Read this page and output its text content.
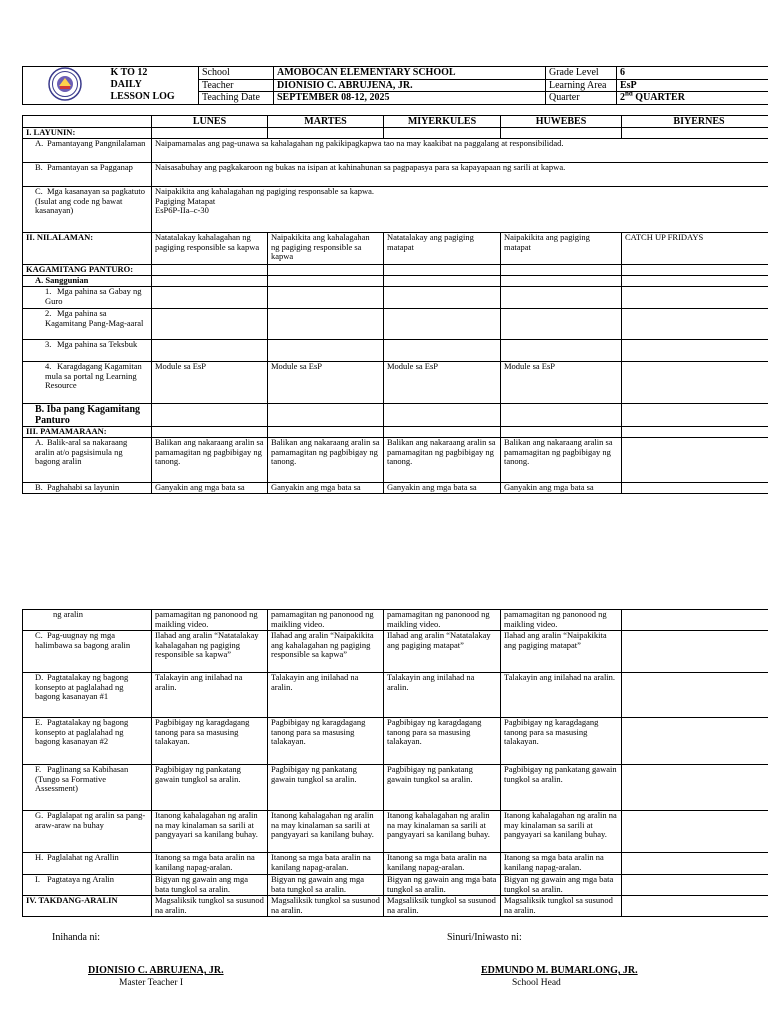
K TO 12
DAILY
LESSON LOG	School	AMOBOCAN ELEMENTARY SCHOOL	Grade Level	6
		Teacher	DIONISIO C. ABRUJENA, JR.	Learning Area	EsP
		Teaching Date	SEPTEMBER 08-12, 2025	Quarter	2nd QUARTER
	LUNES	MARTES	MIYERKULES	HUWEBES	BIYERNES
I. LAYUNIN:					
A. Pamantayang Pangnilalaman	Naipamamalas ang pag-unawa sa kahalagahan ng pakikipagkapwa tao na may kaakibat na paggalang at responsibilidad.				
B. Pamantayan sa Pagganap	Naisasabuhay ang pagkakaroon ng bukas na isipan at kahinahunan sa pagpapasya para sa kapayapaan ng sarili at kapwa.				
C. Mga kasanayan sa pagkatuto (Isulat ang code ng bawat kasanayan)	Naipakikita ang kahalagahan ng pagiging responsable sa kapwa.
Pagiging Matapat
EsP6P-IIa–c-30				

II. NILALAMAN:	Natatalakay kahalagahan ng pagiging responsible sa kapwa	Naipakikita ang kahalagahan ng pagiging responsible sa kapwa	Natatalakay ang pagiging matapat	Naipakikita ang pagiging matapat	CATCH UP FRIDAYS
KAGAMITANG PANTURO:					
A. Sanggunian					
1. Mga pahina sa Gabay ng Guro					
2. Mga pahina sa Kagamitang Pang-Mag-aaral					
3. Mga pahina sa Teksbuk					
4. Karagdagang Kagamitan mula sa portal ng Learning Resource	Module sa EsP	Module sa EsP	Module sa EsP	Module sa EsP	
B. Iba pang Kagamitang Panturo					
III. PAMAMARAAN:					
A. Balik-aral sa nakaraang aralin at/o pagsisimula ng bagong aralin	Balikan ang nakaraang aralin sa pamamagitan ng pagbibigay ng tanong.	Balikan ang nakaraang aralin sa pamamagitan ng pagbibigay ng tanong.	Balikan ang nakaraang aralin sa pamamagitan ng pagbibigay ng tanong.	Balikan ang nakaraang aralin sa pamamagitan ng pagbibigay ng tanong.	
B. Paghahabi sa layunin	Ganyakin ang mga bata sa	Ganyakin ang mga bata sa	Ganyakin ang mga bata sa	Ganyakin ang mga bata sa	
ng aralin	pamamagitan ng panonood ng maikling video.	pamamagitan ng panonood ng maikling video.	pamamagitan ng panonood ng maikling video.	pamamagitan ng panonood ng maikling video.	
C. Pag-uugnay ng mga halimbawa sa bagong aralin	Ilahad ang aralin “Natatalakay kahalagahan ng pagiging responsible sa kapwa”	Ilahad ang aralin “Naipakikita ang kahalagahan ng pagiging responsible sa kapwa”	Ilahad ang aralin “Natatalakay ang pagiging matapat”	Ilahad ang aralin “Naipakikita ang pagiging matapat”	
D. Pagtatalakay ng bagong konsepto at paglalahad ng bagong kasanayan #1	Talakayin ang inilahad na aralin.	Talakayin ang inilahad na aralin.	Talakayin ang inilahad na aralin.	Talakayin ang inilahad na aralin.	
E. Pagtatalakay ng bagong konsepto at paglalahad ng bagong kasanayan #2	Pagbibigay ng karagdagang tanong para sa masusing talakayan.	Pagbibigay ng karagdagang tanong para sa masusing talakayan.	Pagbibigay ng karagdagang tanong para sa masusing talakayan.	Pagbibigay ng karagdagang tanong para sa masusing talakayan.	
F. Paglinang sa Kabihasan (Tungo sa Formative Assessment)	Pagbibigay ng pankatang gawain tungkol sa aralin.	Pagbibigay ng pankatang gawain tungkol sa aralin.	Pagbibigay ng pankatang gawain tungkol sa aralin.	Pagbibigay ng pankatang gawain tungkol sa aralin.	
G. Paglalapat ng aralin sa pang-araw-araw na buhay	Itanong kahalagahan ng aralin na may kinalaman sa sarili at pangyayari sa kanilang buhay.	Itanong kahalagahan ng aralin na may kinalaman sa sarili at pangyayari sa kanilang buhay.	Itanong kahalagahan ng aralin na may kinalaman sa sarili at pangyayari sa kanilang buhay.	Itanong kahalagahan ng aralin na may kinalaman sa sarili at pangyayari sa kanilang buhay.	
H. Paglalahat ng Arallin	Itanong sa mga bata aralin na kanilang napag-aralan.	Itanong sa mga bata aralin na kanilang napag-aralan.	Itanong sa mga bata aralin na kanilang napag-aralan.	Itanong sa mga bata aralin na kanilang napag-aralan.	
I. Pagtataya ng Aralin	Bigyan ng gawain ang mga bata tungkol sa aralin.	Bigyan ng gawain ang mga bata tungkol sa aralin.	Bigyan ng gawain ang mga bata tungkol sa aralin.	Bigyan ng gawain ang mga bata tungkol sa aralin.	
IV. TAKDANG-ARALIN	Magsaliksik tungkol sa susunod na aralin.	Magsaliksik tungkol sa susunod na aralin.	Magsaliksik tungkol sa susunod na aralin.	Magsaliksik tungkol sa susunod na aralin.	
Inihanda ni:
DIONISIO C. ABRUJENA, JR.
Master Teacher I
Sinuri/Iniwasto ni:
EDMUNDO M. BUMARLONG, JR.
School Head
